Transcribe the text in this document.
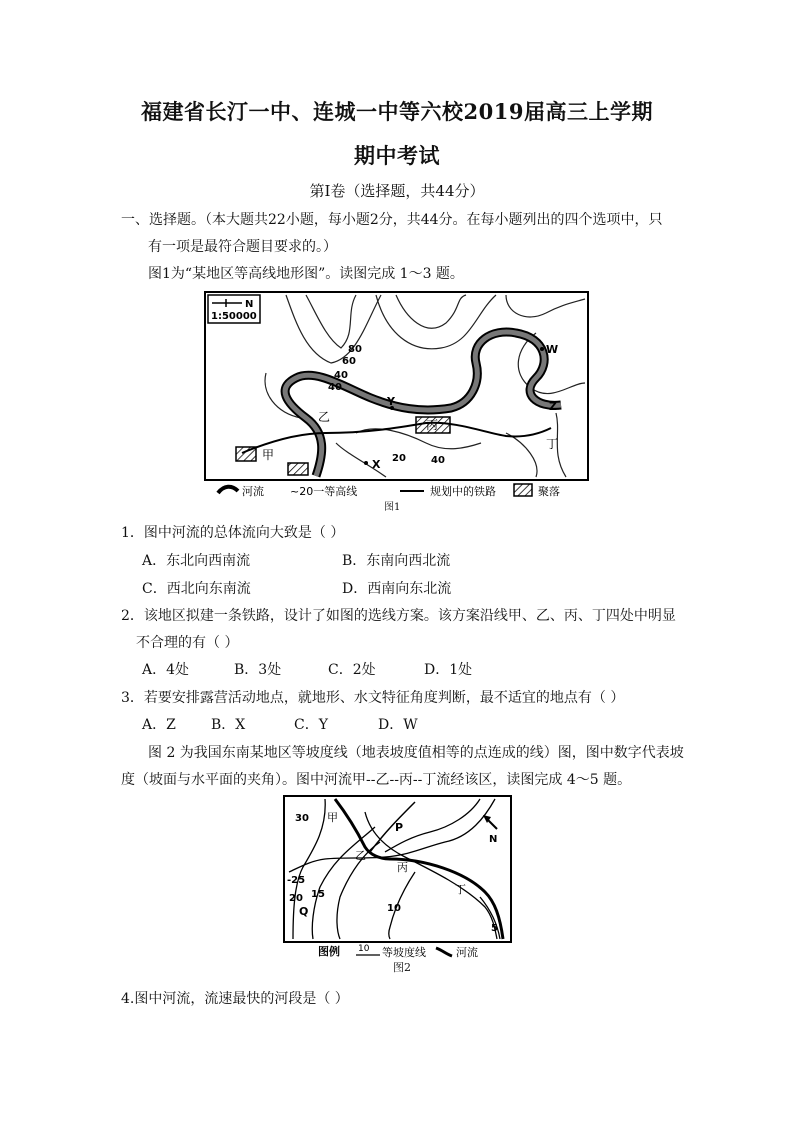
福建省长汀一中、连城一中等六校2019届高三上学期
期中考试
第Ⅰ卷（选择题，共44分）
一、选择题。（本大题共22小题，每小题2分，共44分。在每小题列出的四个选项中，只
有一项是最符合题目要求的。）
图1为“某地区等高线地形图”。读图完成 1～3 题。
N
1:50000
80
60
40
40
20	40
W
Y	Z
X
甲
乙
丙
丁
河流 ~20一等高线	规划中的铁路	聚落
图1
1．图中河流的总体流向大致是（ ）
A．东北向西南流	B．东南向西北流
C．西北向东南流	D．西南向东北流
2．该地区拟建一条铁路，设计了如图的选线方案。该方案沿线甲、乙、丙、丁四处中明显
不合理的有（ ）
A．4处	B．3处	C．2处	D．1处
3．若要安排露营活动地点，就地形、水文特征角度判断，最不适宜的地点有（ ）
A．Z	B．X	C．Y	D．W
图 2 为我国东南某地区等坡度线（地表坡度值相等的点连成的线）图，图中数字代表坡
度（坡面与水平面的夹角）。图中河流甲--乙--丙--丁流经该区，读图完成 4～5 题。
N
30
-25
20 15
10
5
甲
P
乙
丙
丁
Q
图例 10 等坡度线	河流
图2
4.图中河流，流速最快的河段是（ ）
